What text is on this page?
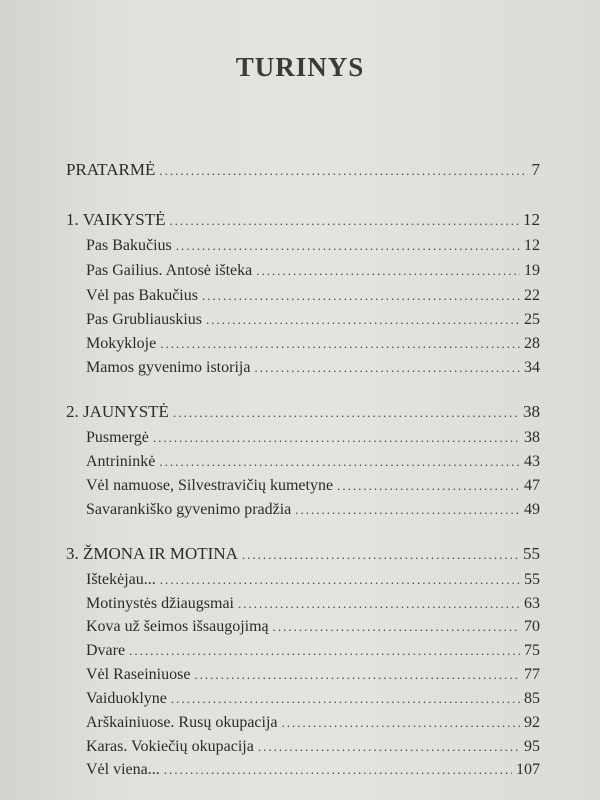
TURINYS
PRATARMĖ .....	7
1. VAIKYSTĖ .....	12
Pas Bakučius .....	12
Pas Gailius. Antosė išteka .....	19
Vėl pas Bakučius .....	22
Pas Grubliauskius .....	25
Mokykloje .....	28
Mamos gyvenimo istorija .....	34
2. JAUNYSTĖ .....	38
Pusmergė .....	38
Antrininkė .....	43
Vėl namuose, Silvestravičių kumetyne .....	47
Savarankiško gyvenimo pradžia .....	49
3. ŽMONA IR MOTINA .....	55
Ištekėjau... .....	55
Motinystės džiaugsmai .....	63
Kova už šeimos išsaugojimą .....	70
Dvare .....	75
Vėl Raseiniuose .....	77
Vaiduoklyne .....	85
Arškainiuose. Rusų okupacija .....	92
Karas. Vokiečių okupacija .....	95
Vėl viena... .....	107
